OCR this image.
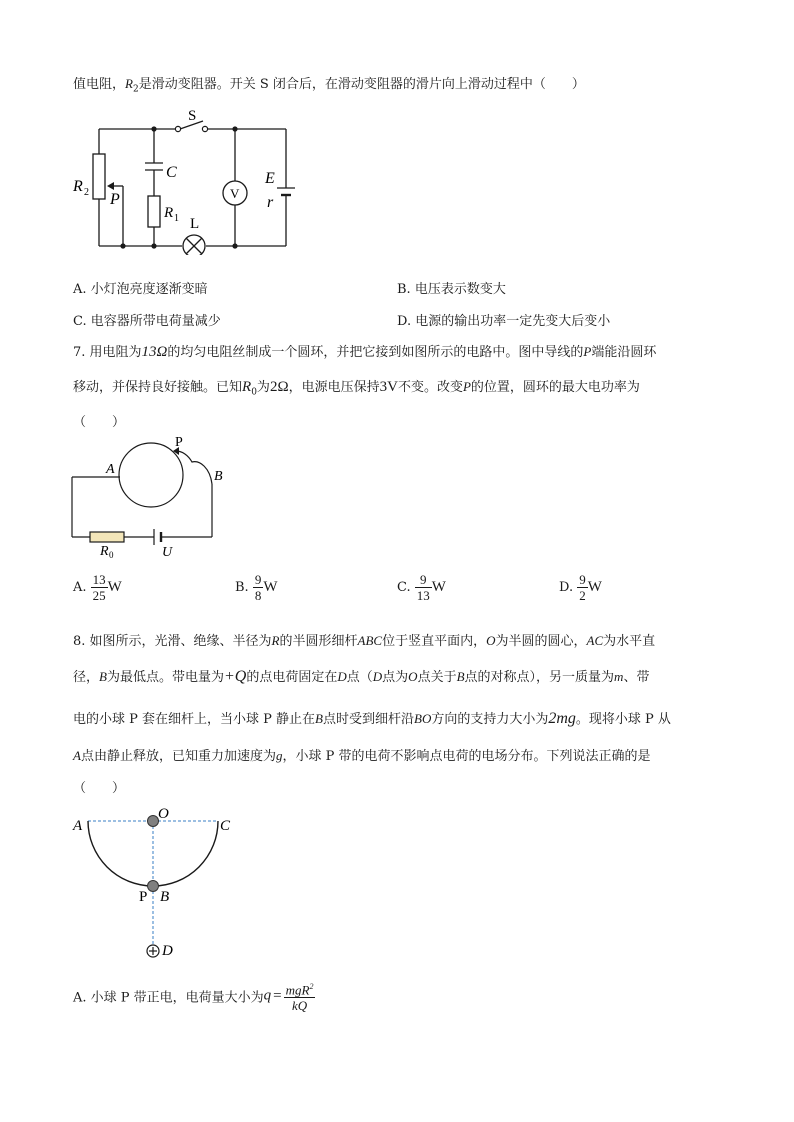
值电阻，$R_2$是滑动变阻器。开关 S 闭合后，在滑动变阻器的滑片向上滑动过程中（　　）
S
C
R 1 L
V
E
r
R 2 P
A. 小灯泡亮度逐渐变暗	B. 电压表示数变大
C. 电容器所带电荷量减少	D. 电源的输出功率一定先变大后变小
7. 用电阻为13Ω的均匀电阻丝制成一个圆环，并把它接到如图所示的电路中。图中导线的P端能沿圆环
移动，并保持良好接触。已知$R_0$为2Ω，电源电压保持3V不变。改变P的位置，圆环的最大电功率为
（　　）
P
A	B
R 0	U
A. $\frac{13}{25}$ W	B. $\frac{9}{8}$ W	C. $\frac{9}{13}$ W	D. $\frac{9}{2}$ W
8. 如图所示，光滑、绝缘、半径为R的半圆形细杆ABC位于竖直平面内，O为半圆的圆心，AC为水平直
径，B为最低点。带电量为+Q的点电荷固定在D点（D点为O点关于B点的对称点），另一质量为m、带
电的小球 P 套在细杆上，当小球 P 静止在B点时受到细杆沿BO方向的支持力大小为2mg。现将小球 P 从
A点由静止释放，已知重力加速度为g，小球 P 带的电荷不影响点电荷的电场分布。下列说法正确的是
（　　）
O
A	C
P B
D
A. 小球 P 带正电，电荷量大小为$q = \frac{mgR^2}{kQ}$
